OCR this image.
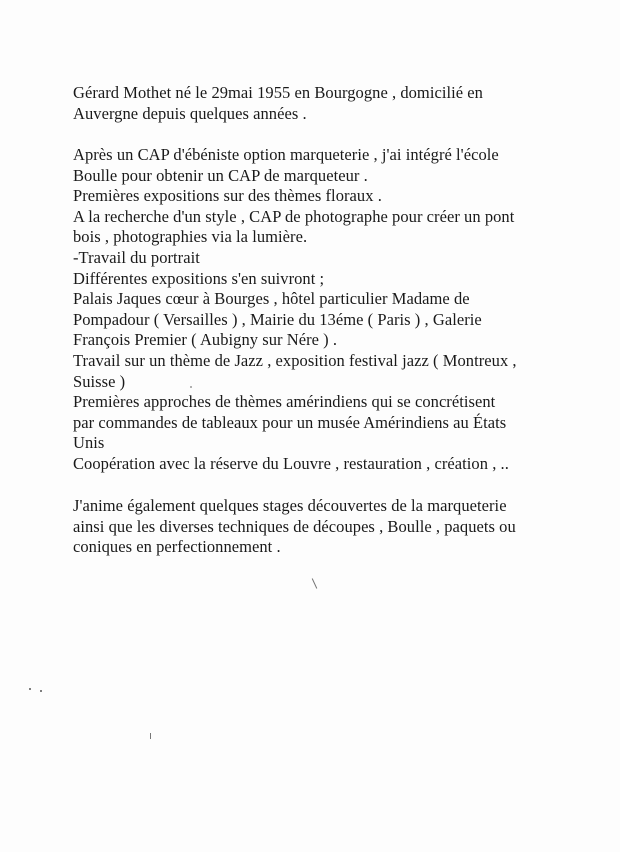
Gérard Mothet né le 29mai 1955 en Bourgogne , domicilié en
Auvergne depuis quelques années .
Après un CAP d'ébéniste option marqueterie , j'ai intégré l'école
Boulle pour obtenir un CAP de marqueteur .
Premières expositions sur des thèmes floraux .
A la recherche d'un style , CAP de photographe pour créer un pont
bois , photographies via la lumière.
-Travail du portrait
Différentes expositions s'en suivront ;
Palais Jaques cœur à Bourges , hôtel particulier Madame de
Pompadour ( Versailles ) , Mairie du 13éme ( Paris ) , Galerie
François Premier ( Aubigny sur Nére ) .
Travail sur un thème de Jazz , exposition festival jazz ( Montreux ,
Suisse )
Premières approches de thèmes amérindiens qui se concrétisent
par commandes de tableaux pour un musée Amérindiens au États
Unis
Coopération avec la réserve du Louvre , restauration , création , ..
J'anime également quelques stages découvertes de la marqueterie
ainsi que les diverses techniques de découpes , Boulle , paquets ou
coniques en perfectionnement .
